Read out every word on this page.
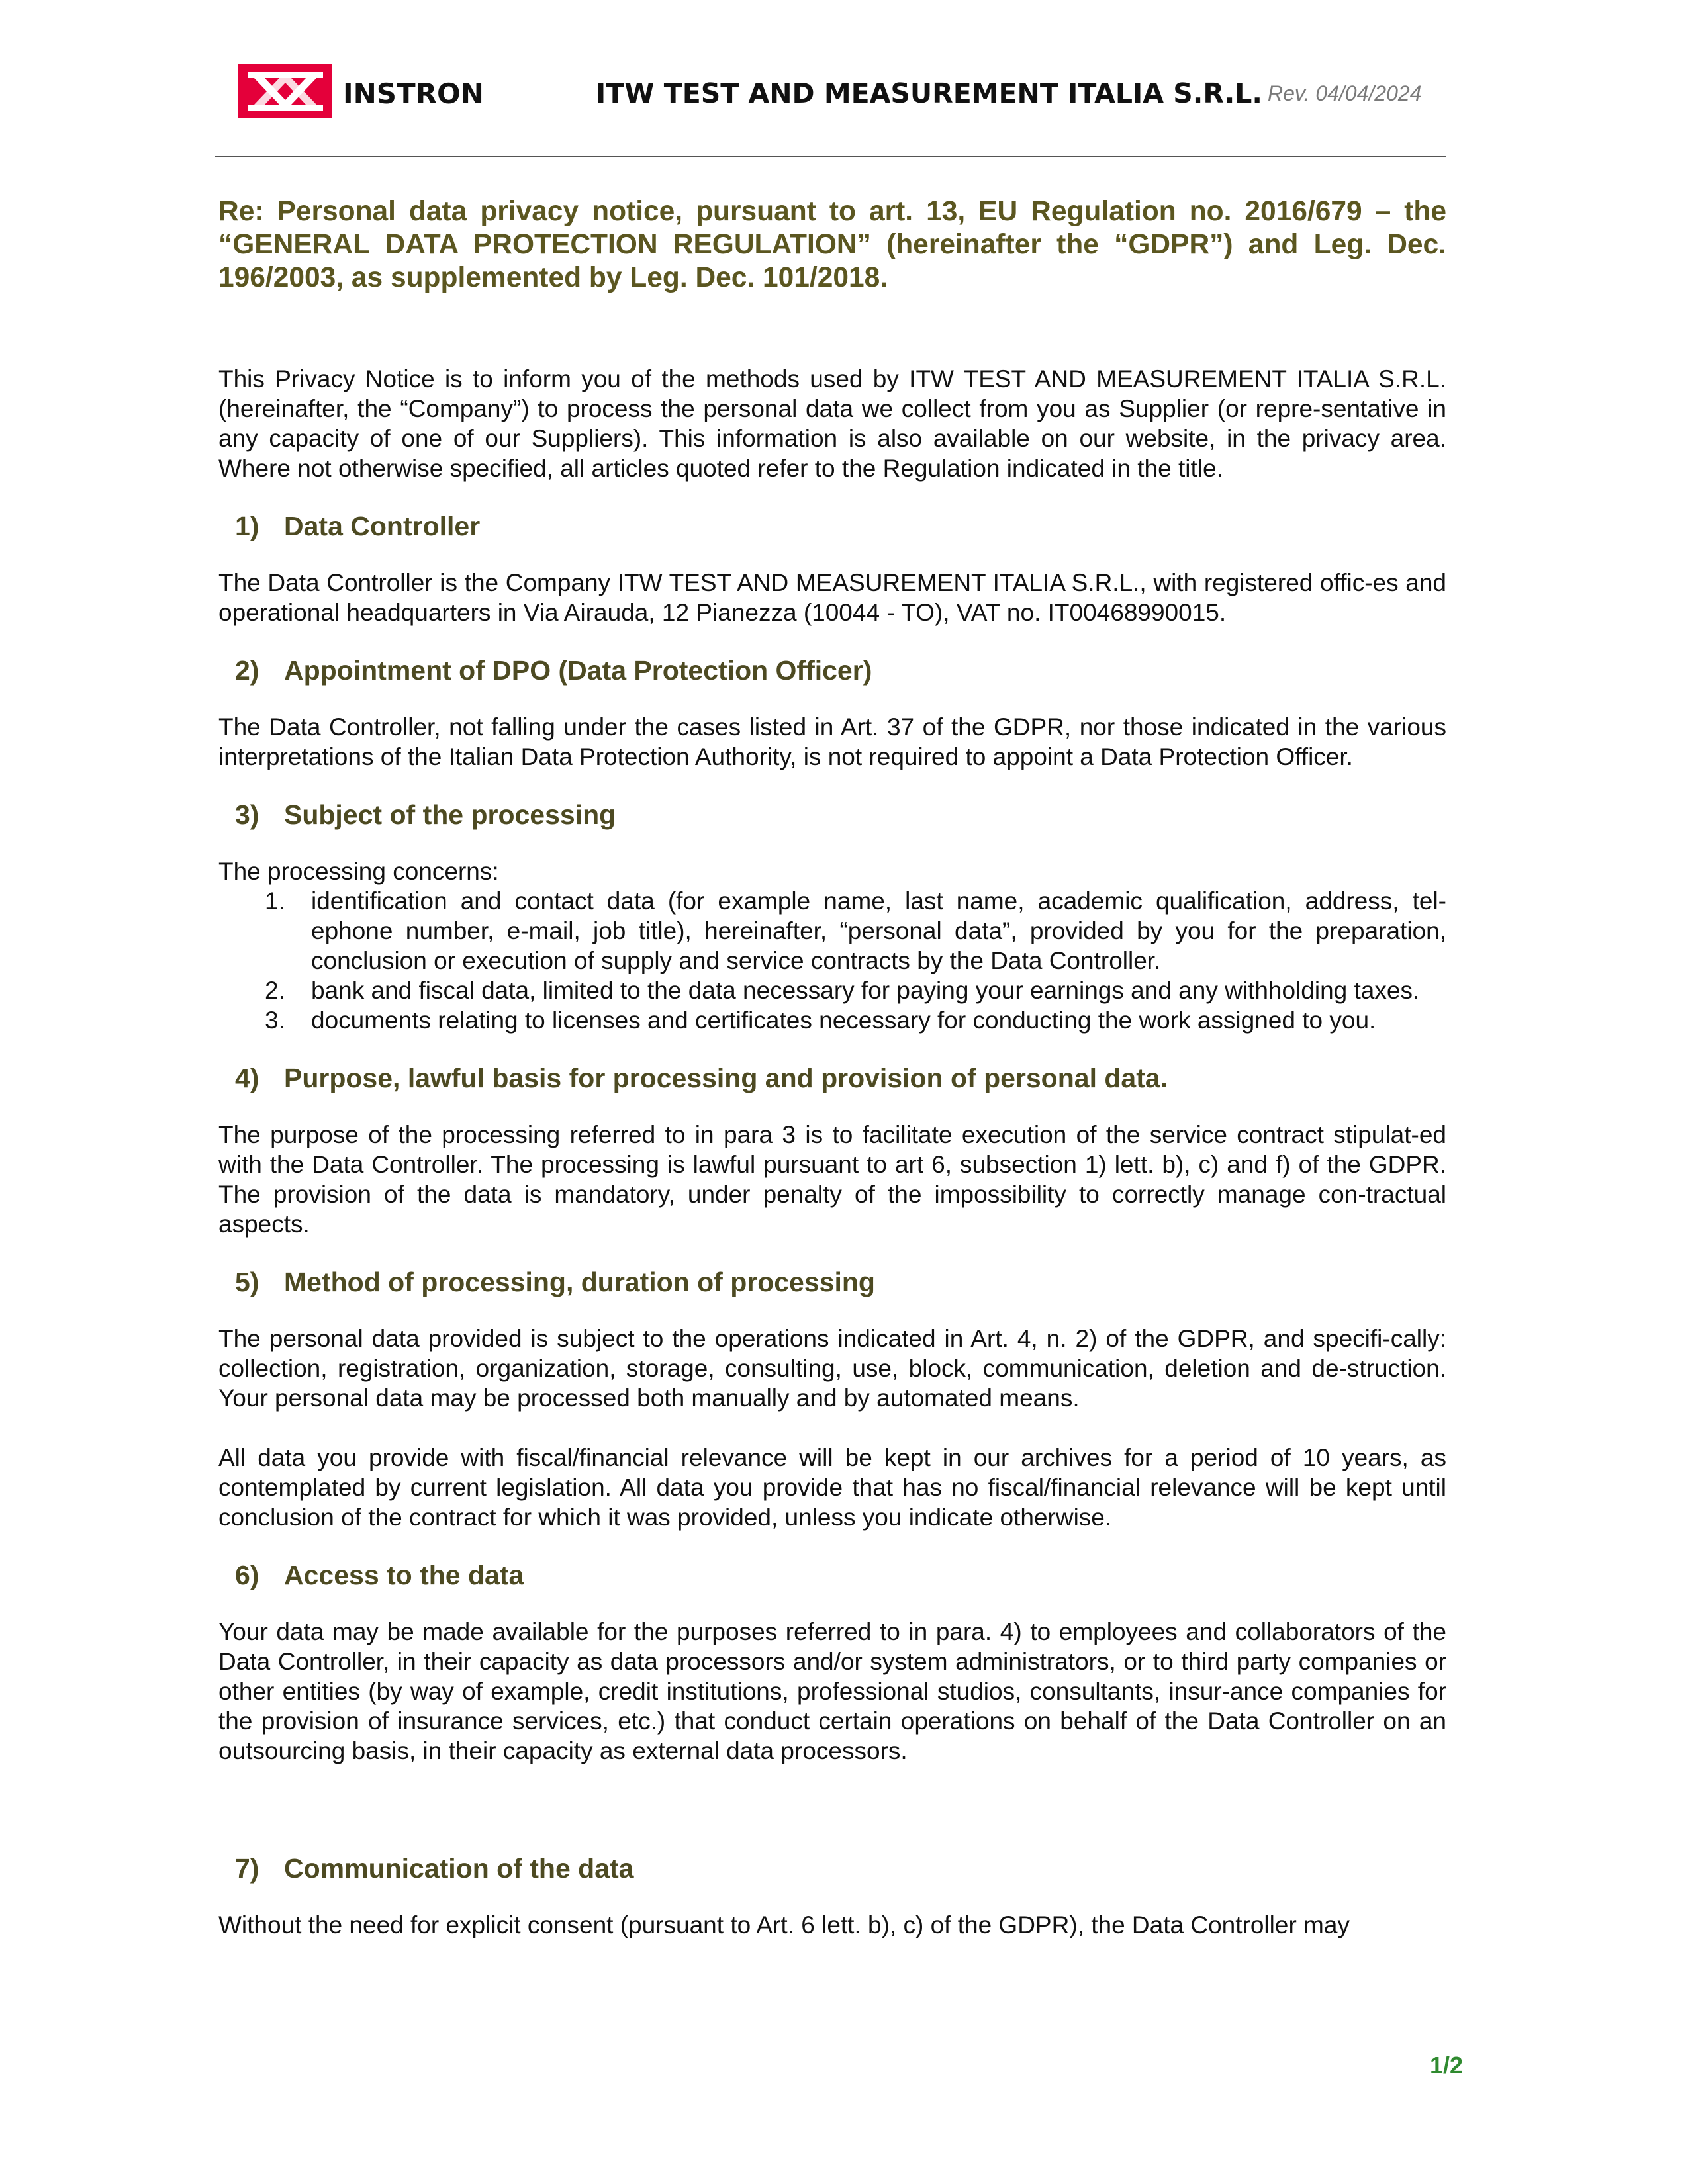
INSTRON	ITW TEST AND MEASUREMENT ITALIA S.R.L. Rev. 04/04/2024

Re: Personal data privacy notice, pursuant to art. 13, EU Regulation no. 2016/679 – the “GENERAL DATA PROTECTION REGULATION” (hereinafter the “GDPR”) and Leg. Dec. 196/2003, as supplemented by Leg. Dec. 101/2018.

This Privacy Notice is to inform you of the methods used by ITW TEST AND MEASUREMENT ITALIA S.R.L. (hereinafter, the “Company”) to process the personal data we collect from you as Supplier (or repre-sentative in any capacity of one of our Suppliers). This information is also available on our website, in the privacy area. Where not otherwise specified, all articles quoted refer to the Regulation indicated in the title.

1) Data Controller

The Data Controller is the Company ITW TEST AND MEASUREMENT ITALIA S.R.L., with registered offic-es and operational headquarters in Via Airauda, 12 Pianezza (10044 - TO), VAT no. IT00468990015.

2) Appointment of DPO (Data Protection Officer)

The Data Controller, not falling under the cases listed in Art. 37 of the GDPR, nor those indicated in the various interpretations of the Italian Data Protection Authority, is not required to appoint a Data Protection Officer.

3) Subject of the processing

The processing concerns:

1. identification and contact data (for example name, last name, academic qualification, address, tel-ephone number, e-mail, job title), hereinafter, “personal data”, provided by you for the preparation, conclusion or execution of supply and service contracts by the Data Controller.
2. bank and fiscal data, limited to the data necessary for paying your earnings and any withholding taxes.
3. documents relating to licenses and certificates necessary for conducting the work assigned to you.
4) Purpose, lawful basis for processing and provision of personal data.

The purpose of the processing referred to in para 3 is to facilitate execution of the service contract stipulat-ed with the Data Controller. The processing is lawful pursuant to art 6, subsection 1) lett. b), c) and f) of the GDPR. The provision of the data is mandatory, under penalty of the impossibility to correctly manage con-tractual aspects.

5) Method of processing, duration of processing

The personal data provided is subject to the operations indicated in Art. 4, n. 2) of the GDPR, and specifi-cally: collection, registration, organization, storage, consulting, use, block, communication, deletion and de-struction. Your personal data may be processed both manually and by automated means.

All data you provide with fiscal/financial relevance will be kept in our archives for a period of 10 years, as contemplated by current legislation. All data you provide that has no fiscal/financial relevance will be kept until conclusion of the contract for which it was provided, unless you indicate otherwise.

6) Access to the data

Your data may be made available for the purposes referred to in para. 4) to employees and collaborators of the Data Controller, in their capacity as data processors and/or system administrators, or to third party companies or other entities (by way of example, credit institutions, professional studios, consultants, insur-ance companies for the provision of insurance services, etc.) that conduct certain operations on behalf of the Data Controller on an outsourcing basis, in their capacity as external data processors.

7) Communication of the data

Without the need for explicit consent (pursuant to Art. 6 lett. b), c) of the GDPR), the Data Controller may

1/2
